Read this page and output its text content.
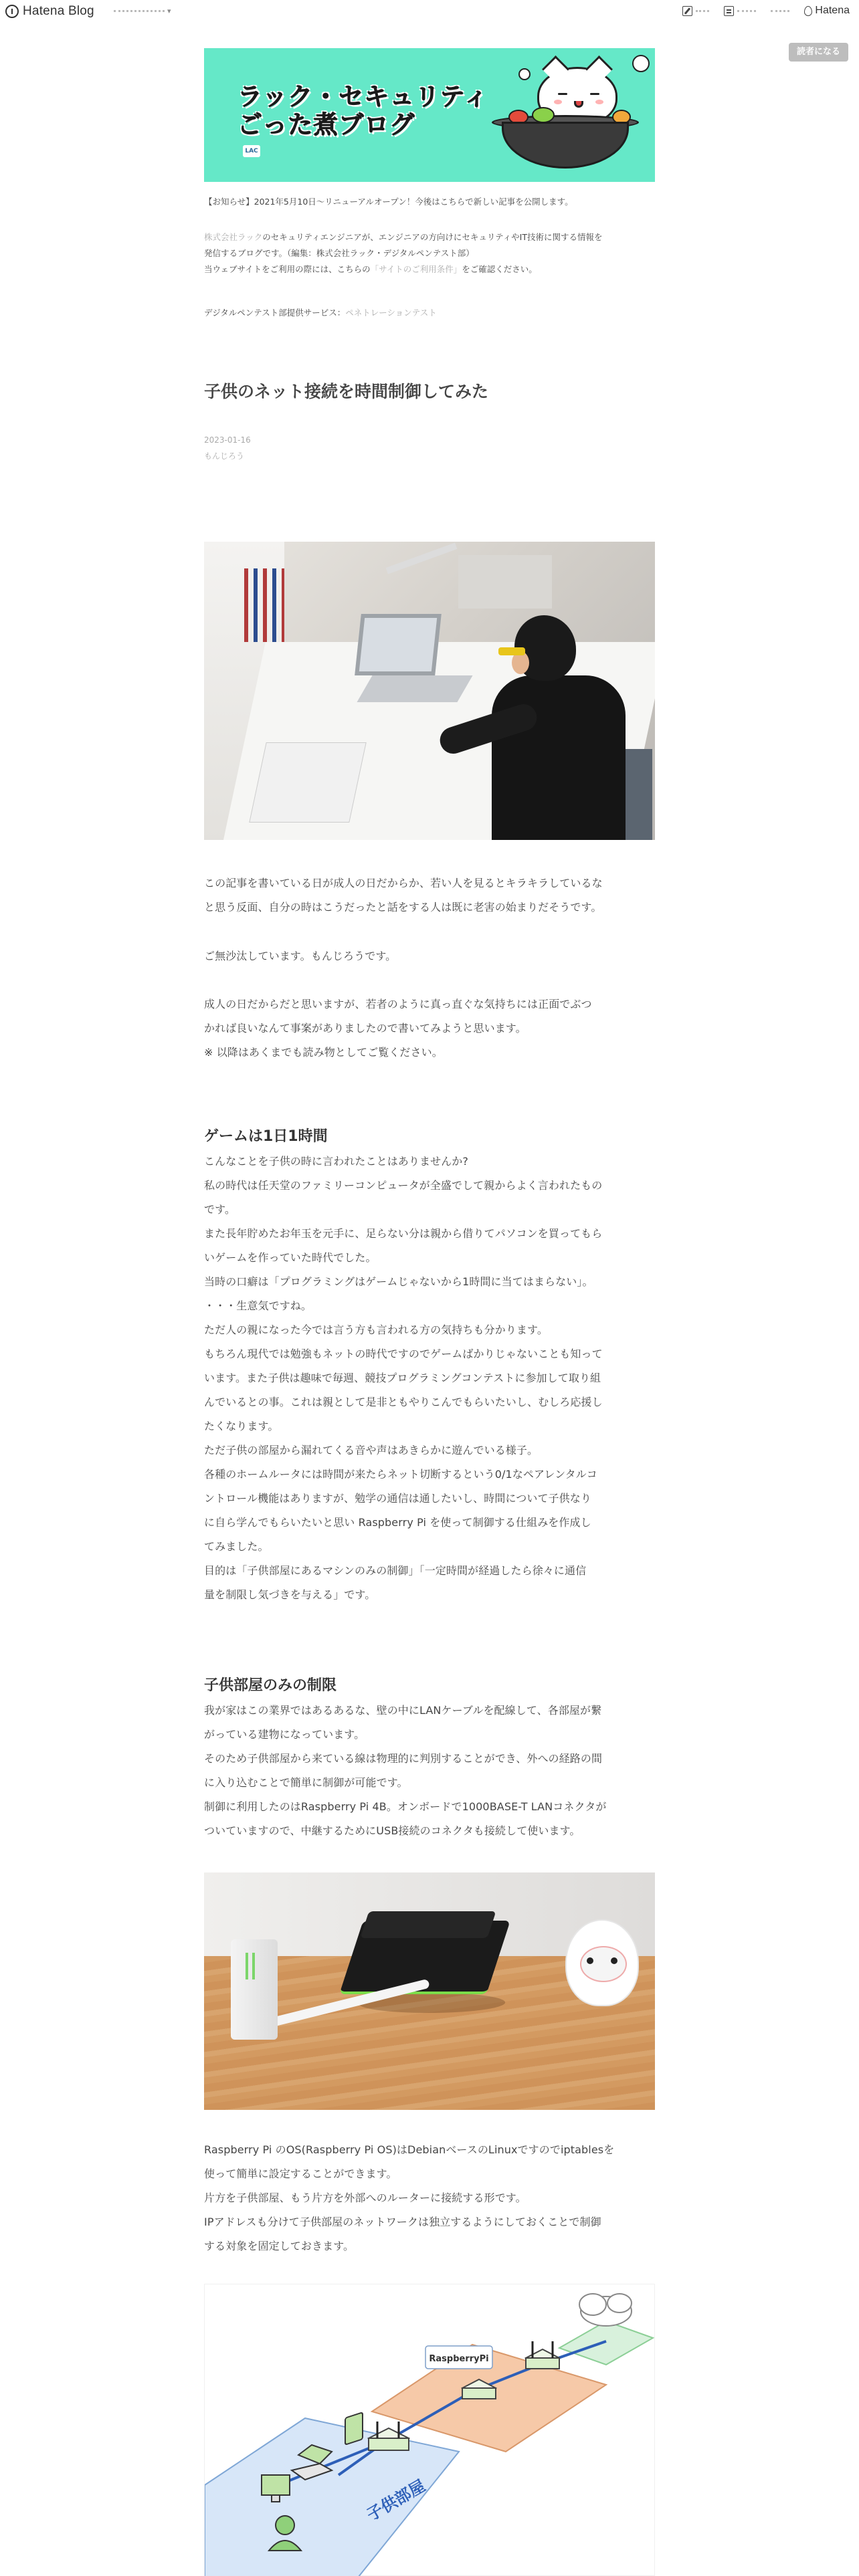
Hatena Blog	▾	Hatena
読者になる
ラック・セキュリティ
ごった煮ブログ
LAC
【お知らせ】2021年5月10日～リニューアルオープン！今後はこちらで新しい記事を公開します。
株式会社ラックのセキュリティエンジニアが、エンジニアの方向けにセキュリティやIT技術に関する情報を
発信するブログです。（編集：株式会社ラック・デジタルペンテスト部）
当ウェブサイトをご利用の際には、こちらの「サイトのご利用条件」をご確認ください。
デジタルペンテスト部提供サービス：ペネトレーションテスト
子供のネット接続を時間制御してみた
2023-01-16
もんじろう
この記事を書いている日が成人の日だからか、若い人を見るとキラキラしているな
と思う反面、自分の時はこうだったと話をする人は既に老害の始まりだそうです。
ご無沙汰しています。もんじろうです。
成人の日だからだと思いますが、若者のように真っ直ぐな気持ちには正面でぶつ
かれば良いなんて事案がありましたので書いてみようと思います。
※ 以降はあくまでも読み物としてご覧ください。
ゲームは1日1時間
こんなことを子供の時に言われたことはありませんか?
私の時代は任天堂のファミリーコンピュータが全盛でして親からよく言われたもの
です。
また長年貯めたお年玉を元手に、足らない分は親から借りてパソコンを買ってもら
いゲームを作っていた時代でした。
当時の口癖は「プログラミングはゲームじゃないから1時間に当てはまらない」。
・・・生意気ですね。
ただ人の親になった今では言う方も言われる方の気持ちも分かります。
もちろん現代では勉強もネットの時代ですのでゲームばかりじゃないことも知って
います。また子供は趣味で毎週、競技プログラミングコンテストに参加して取り組
んでいるとの事。これは親として是非ともやりこんでもらいたいし、むしろ応援し
たくなります。
ただ子供の部屋から漏れてくる音や声はあきらかに遊んでいる様子。
各種のホームルータには時間が来たらネット切断するという0/1なペアレンタルコ
ントロール機能はありますが、勉学の通信は通したいし、時間について子供なり
に自ら学んでもらいたいと思い Raspberry Pi を使って制御する仕組みを作成し
てみました。
目的は「子供部屋にあるマシンのみの制御」「一定時間が経過したら徐々に通信
量を制限し気づきを与える」です。
子供部屋のみの制限
我が家はこの業界ではあるあるな、壁の中にLANケーブルを配線して、各部屋が繋
がっている建物になっています。
そのため子供部屋から来ている線は物理的に判別することができ、外への経路の間
に入り込むことで簡単に制御が可能です。
制御に利用したのはRaspberry Pi 4B。オンボードで1000BASE-T LANコネクタが
ついていますので、中継するためにUSB接続のコネクタも接続して使います。
Raspberry Pi のOS(Raspberry Pi OS)はDebianベースのLinuxですのでiptablesを
使って簡単に設定することができます。
片方を子供部屋、もう片方を外部へのルーターに接続する形です。
IPアドレスも分けて子供部屋のネットワークは独立するようにしておくことで制御
する対象を固定しておきます。
RaspberryPi
子供部屋
